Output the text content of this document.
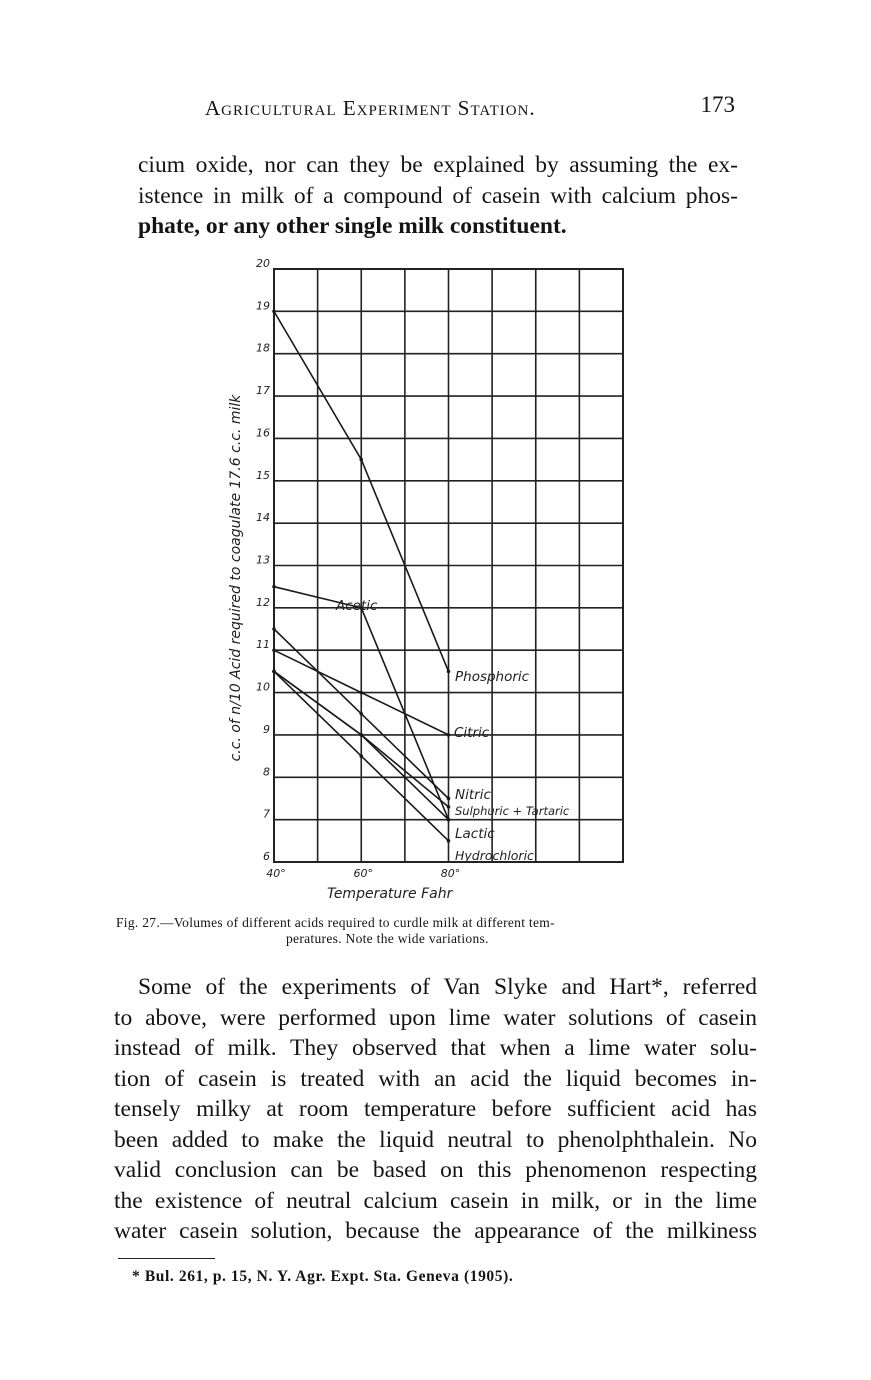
Agricultural Experiment Station.	173

cium oxide, nor can they be explained by assuming the ex-
istence in milk of a compound of casein with calcium phos-
phate, or any other single milk constituent.

6
7
8
9
10
11
12
13
14
15
16
17
18
19
20
40°	60°	80°
Temperature Fahr
c.c. of n/10 Acid required to coagulate 17.6 c.c. milk	Acetic
Phosphoric
Citric
Nitric
Sulphuric + Tartaric
Lactic
Hydrochloric
Fig. 27.—Volumes of different acids required to curdle milk at different tem-
peratures. Note the wide variations.

Some of the experiments of Van Slyke and Hart*, referred
to above, were performed upon lime water solutions of casein
instead of milk. They observed that when a lime water solu-
tion of casein is treated with an acid the liquid becomes in-
tensely milky at room temperature before sufficient acid has
been added to make the liquid neutral to phenolphthalein. No
valid conclusion can be based on this phenomenon respecting
the existence of neutral calcium casein in milk, or in the lime
water casein solution, because the appearance of the milkiness

* Bul. 261, p. 15, N. Y. Agr. Expt. Sta. Geneva (1905).
